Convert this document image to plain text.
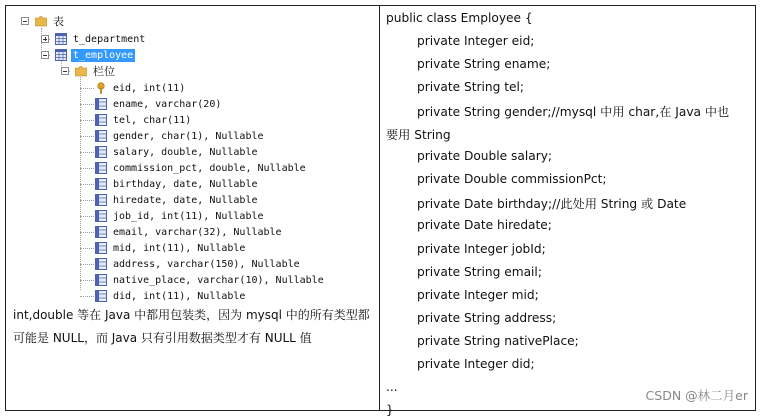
表
t_department
t_employee
栏位
eid, int(11)
ename, varchar(20)
tel, char(11)
gender, char(1), Nullable
salary, double, Nullable
commission_pct, double, Nullable
birthday, date, Nullable
hiredate, date, Nullable
job_id, int(11), Nullable
email, varchar(32), Nullable
mid, int(11), Nullable
address, varchar(150), Nullable
native_place, varchar(10), Nullable
did, int(11), Nullable
int,double 等在 Java 中都用包装类，因为 mysql 中的所有类型都可能是 NULL，而 Java 只有引用数据类型才有 NULL 值
public class Employee {
private Integer eid;
private String ename;
private String tel;
private String gender;//mysql 中用 char,在 Java 中也
要用 String
private Double salary;
private Double commissionPct;
private Date birthday;//此处用 String 或 Date
private Date hiredate;
private Integer jobId;
private String email;
private Integer mid;
private String address;
private String nativePlace;
private Integer did;
...
}
CSDN @林二月er
